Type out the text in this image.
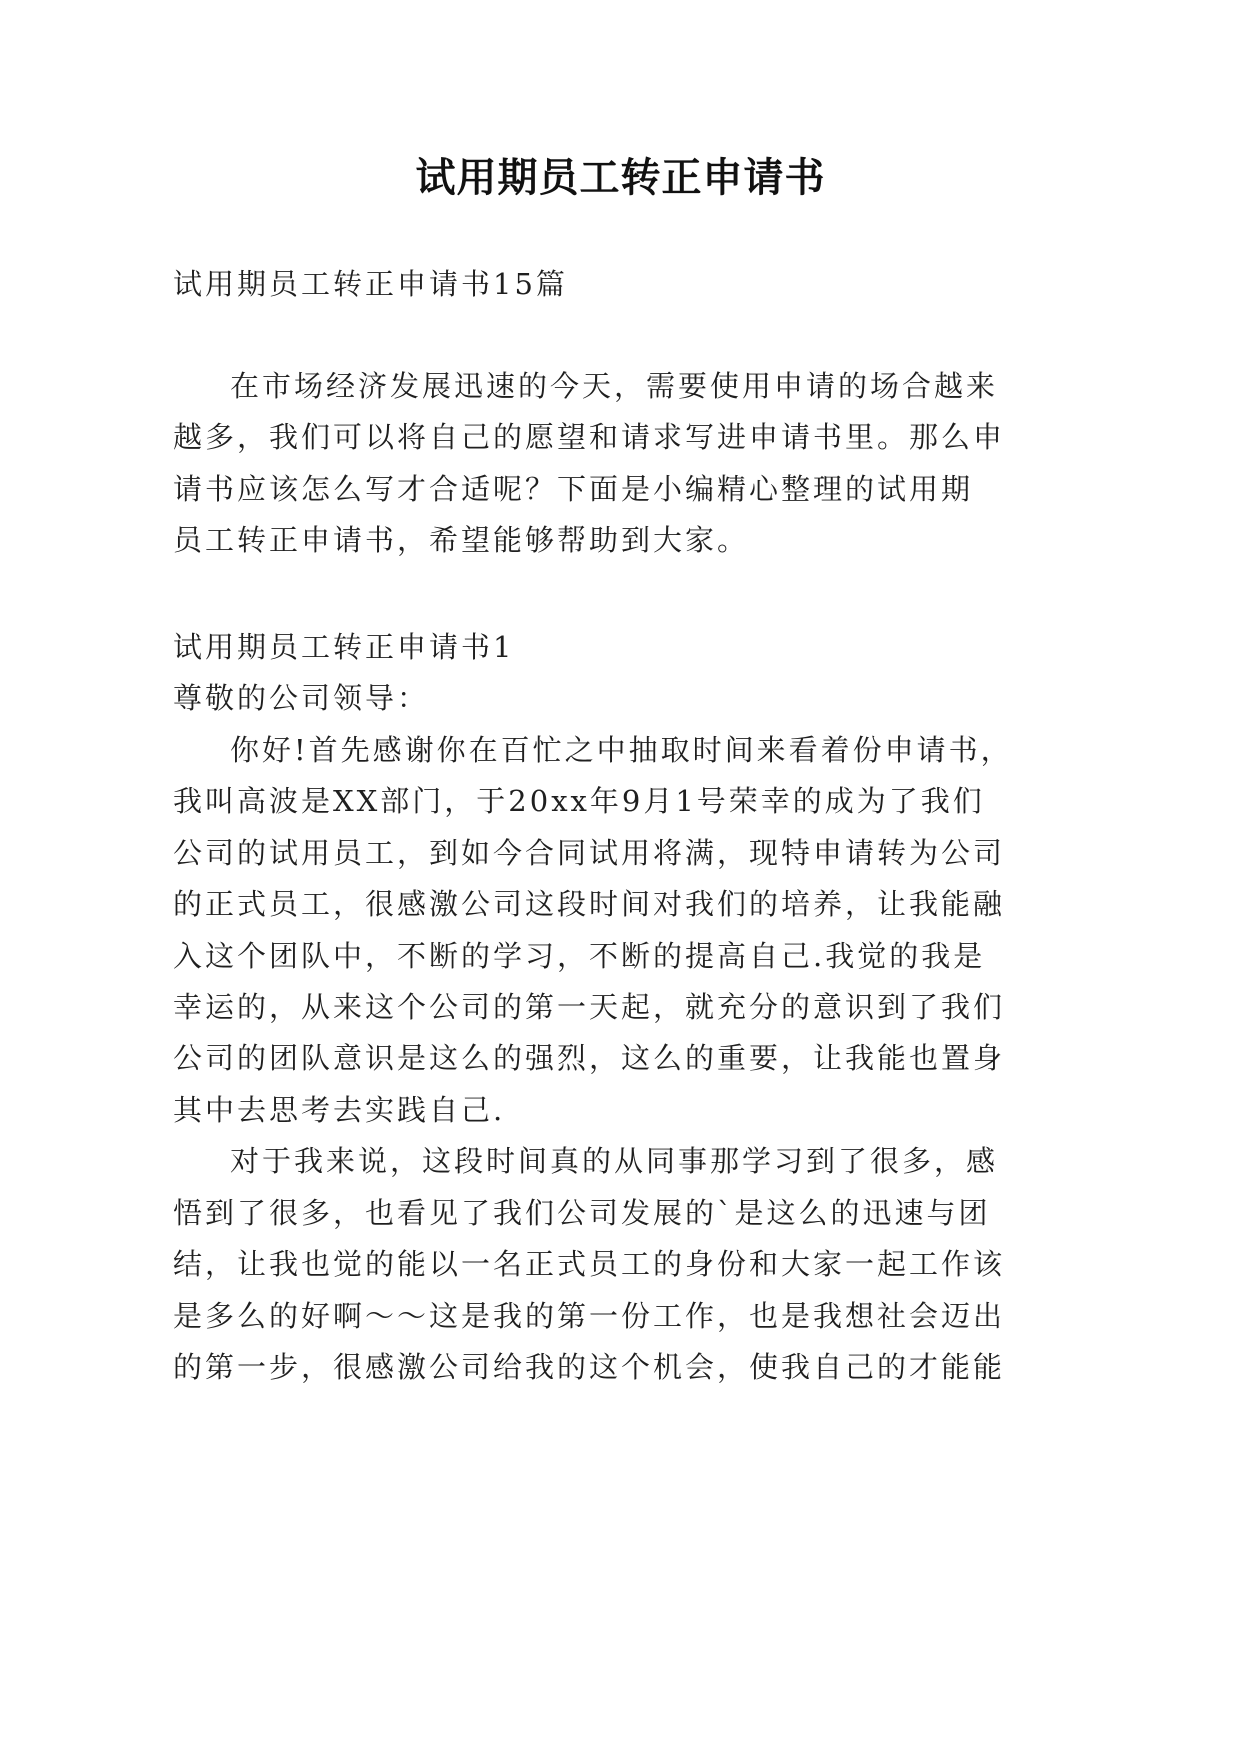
试用期员工转正申请书
试用期员工转正申请书15篇
在市场经济发展迅速的今天，需要使用申请的场合越来
越多，我们可以将自己的愿望和请求写进申请书里。那么申
请书应该怎么写才合适呢？下面是小编精心整理的试用期
员工转正申请书，希望能够帮助到大家。
试用期员工转正申请书1
尊敬的公司领导：
你好!首先感谢你在百忙之中抽取时间来看着份申请书，
我叫高波是XX部门，于20xx年9月1号荣幸的成为了我们
公司的试用员工，到如今合同试用将满，现特申请转为公司
的正式员工，很感激公司这段时间对我们的培养，让我能融
入这个团队中，不断的学习，不断的提高自己.我觉的我是
幸运的，从来这个公司的第一天起，就充分的意识到了我们
公司的团队意识是这么的强烈，这么的重要，让我能也置身
其中去思考去实践自己.
对于我来说，这段时间真的从同事那学习到了很多，感
悟到了很多，也看见了我们公司发展的`是这么的迅速与团
结，让我也觉的能以一名正式员工的身份和大家一起工作该
是多么的好啊～～这是我的第一份工作，也是我想社会迈出
的第一步，很感激公司给我的这个机会，使我自己的才能能
